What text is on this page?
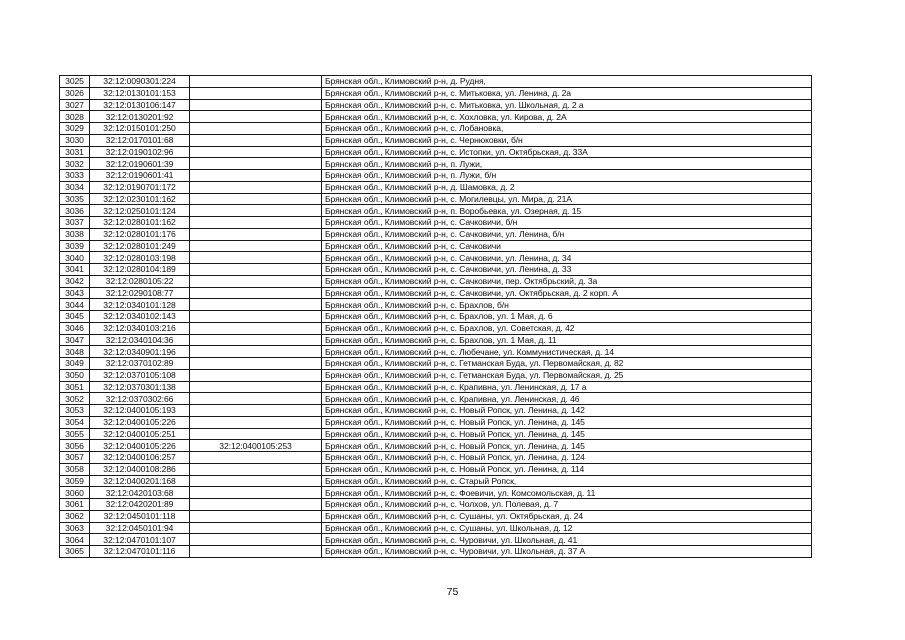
3025	32:12:0090301:224		Брянская обл., Климовский р-н, д. Рудня,
3026	32:12:0130101:153		Брянская обл., Климовский р-н, с. Митьковка, ул. Ленина, д. 2а
3027	32:12:0130106:147		Брянская обл., Климовский р-н, с. Митьковка, ул. Школьная, д. 2 а
3028	32:12:0130201:92		Брянская обл., Климовский р-н, с. Хохловка, ул. Кирова, д. 2А
3029	32:12:0150101:250		Брянская обл., Климовский р-н, с. Лобановка,
3030	32:12:0170101:68		Брянская обл., Климовский р-н, с. Чернюковки, б/н
3031	32:12:0190102:96		Брянская обл., Климовский р-н, с. Истопки, ул. Октябрьская, д. 33А
3032	32:12:0190601:39		Брянская обл., Климовский р-н, п. Лужи,
3033	32:12:0190601:41		Брянская обл., Климовский р-н, п. Лужи, б/н
3034	32:12:0190701:172		Брянская обл., Климовский р-н, д. Шамовка, д. 2
3035	32:12:0230101:162		Брянская обл., Климовский р-н, с. Могилевцы, ул. Мира, д. 21А
3036	32:12:0250101:124		Брянская обл., Климовский р-н, п. Воробьевка, ул. Озерная, д. 15
3037	32:12:0280101:162		Брянская обл., Климовский р-н, с. Сачковичи, б/н
3038	32:12:0280101:176		Брянская обл., Климовский р-н, с. Сачковичи, ул. Ленина, б/н
3039	32:12:0280101:249		Брянская обл., Климовский р-н, с. Сачковичи
3040	32:12:0280103:198		Брянская обл., Климовский р-н, с. Сачковичи, ул. Ленина, д. 34
3041	32:12:0280104:189		Брянская обл., Климовский р-н, с. Сачковичи, ул. Ленина, д. 33
3042	32:12:0280105:22		Брянская обл., Климовский р-н, с. Сачковичи, пер. Октябрьский, д. 3а
3043	32:12:0290108:77		Брянская обл., Климовский р-н, с. Сачковичи, ул. Октябрьская, д. 2 корп. А
3044	32:12:0340101:128		Брянская обл., Климовский р-н, с. Брахлов, б/н
3045	32:12:0340102:143		Брянская обл., Климовский р-н, с. Брахлов, ул. 1 Мая, д. 6
3046	32:12:0340103:216		Брянская обл., Климовский р-н, с. Брахлов, ул. Советская, д. 42
3047	32:12:0340104:36		Брянская обл., Климовский р-н, с. Брахлов, ул. 1 Мая, д. 11
3048	32:12:0340901:196		Брянская обл., Климовский р-н, с. Любечане, ул. Коммунистическая, д. 14
3049	32:12:0370102:89		Брянская обл., Климовский р-н, с. Гетманская Буда, ул. Первомайская, д. 82
3050	32:12:0370105:108		Брянская обл., Климовский р-н, с. Гетманская Буда, ул. Первомайская, д. 25
3051	32:12:0370301:138		Брянская обл., Климовский р-н, с. Крапивна, ул. Ленинская, д. 17 а
3052	32:12:0370302:66		Брянская обл., Климовский р-н, с. Крапивна, ул. Ленинская, д. 46
3053	32:12:0400105:193		Брянская обл., Климовский р-н, с. Новый Ропск, ул. Ленина, д. 142
3054	32:12:0400105:226		Брянская обл., Климовский р-н, с. Новый Ропск, ул. Ленина, д. 145
3055	32:12:0400105:251		Брянская обл., Климовский р-н, с. Новый Ропск, ул. Ленина, д. 145
3056	32:12:0400105:226	32:12:0400105:253	Брянская обл., Климовский р-н, с. Новый Ропск, ул. Ленина, д. 145
3057	32:12:0400106:257		Брянская обл., Климовский р-н, с. Новый Ропск, ул. Ленина, д. 124
3058	32:12:0400108:286		Брянская обл., Климовский р-н, с. Новый Ропск, ул. Ленина, д. 114
3059	32:12:0400201:168		Брянская обл., Климовский р-н, с. Старый Ропск,
3060	32:12:0420103:68		Брянская обл., Климовский р-н, с. Фоевичи, ул. Комсомольская, д. 11
3061	32:12:0420201:89		Брянская обл., Климовский р-н, с. Чолхов, ул. Полевая, д. 7
3062	32:12:0450101:118		Брянская обл., Климовский р-н, с. Сушаны, ул. Октябрьская, д. 24
3063	32:12:0450101:94		Брянская обл., Климовский р-н, с. Сушаны, ул. Школьная, д. 12
3064	32:12:0470101:107		Брянская обл., Климовский р-н, с. Чуровичи, ул. Школьная, д. 41
3065	32:12:0470101:116		Брянская обл., Климовский р-н, с. Чуровичи, ул. Школьная, д. 37 А
75
